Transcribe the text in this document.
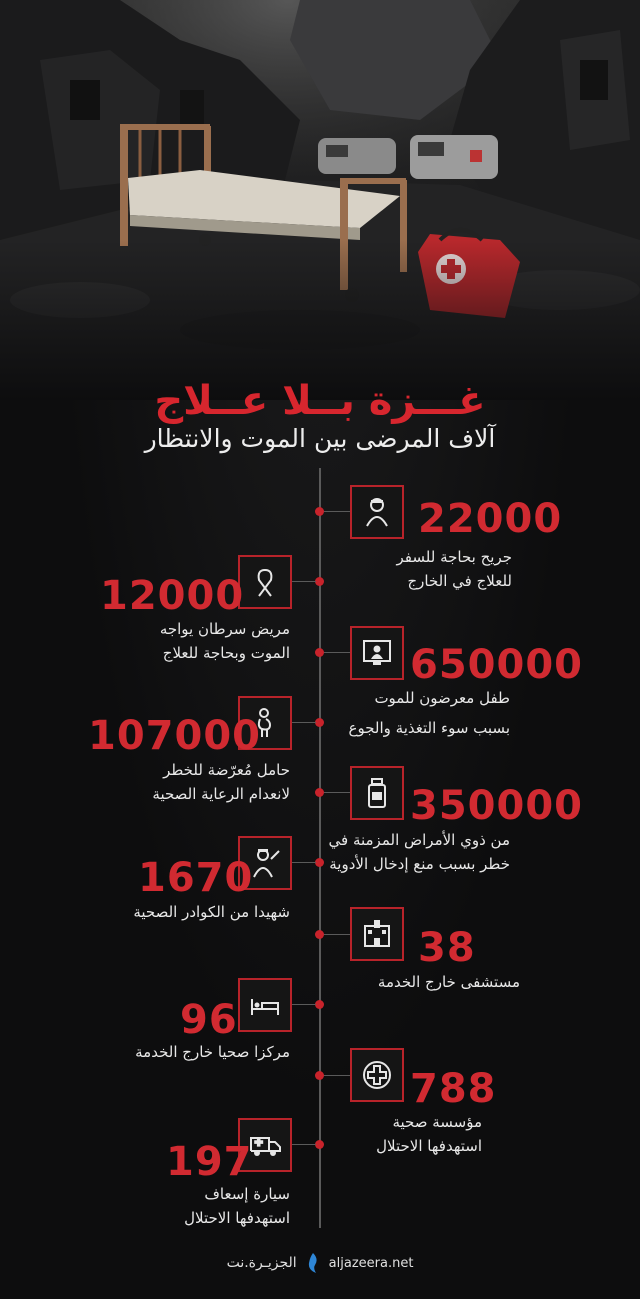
غـــزة بــلا عــلاج
آلاف المرضى بين الموت والانتظار
22000
جريح بحاجة للسفر
للعلاج في الخارج
12000
مريض سرطان يواجه
الموت وبحاجة للعلاج	650000
طفل معرضون للموت
بسبب سوء التغذية والجوع
107000
حامل مُعرّضة للخطر
لانعدام الرعاية الصحية	350000
من ذوي الأمراض المزمنة في
خطر بسبب منع إدخال الأدوية
1670
شهيدا من الكوادر الصحية
38
مستشفى خارج الخدمة
96
مركزا صحيا خارج الخدمة
788
مؤسسة صحية
استهدفها الاحتلال
197
سيارة إسعاف
استهدفها الاحتلال
الجزيـرة.نت aljazeera.net
